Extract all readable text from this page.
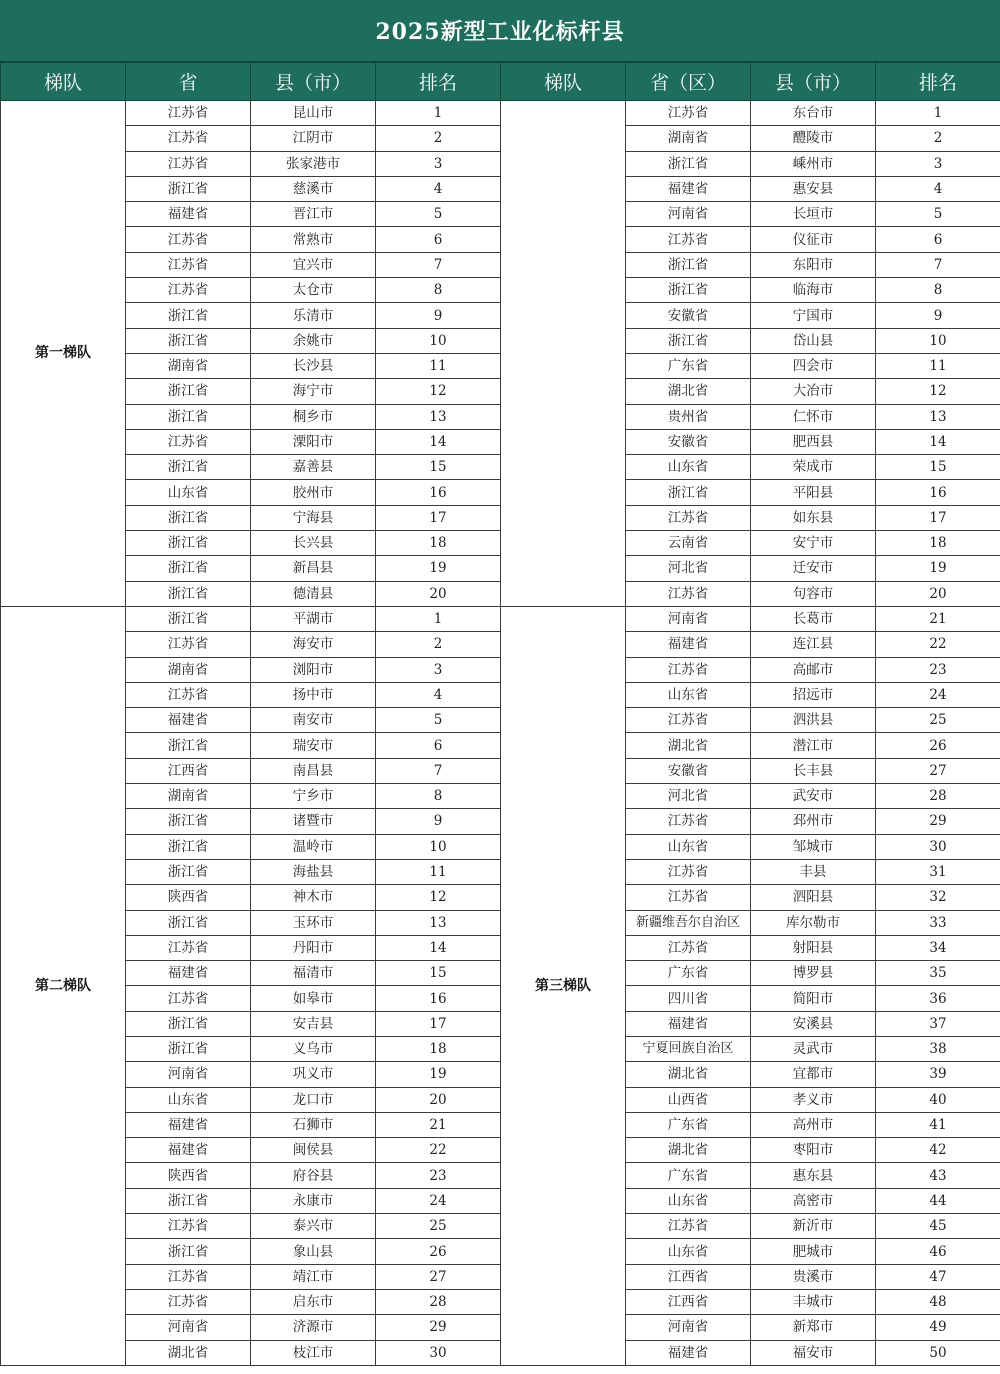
2025新型工业化标杆县
梯队	省	县（市）	排名	梯队	省（区）	县（市）	排名
第一梯队	江苏省	昆山市	1		江苏省	东台市	1
	江苏省	江阴市	2		湖南省	醴陵市	2
	江苏省	张家港市	3		浙江省	嵊州市	3
	浙江省	慈溪市	4		福建省	惠安县	4
	福建省	晋江市	5		河南省	长垣市	5
	江苏省	常熟市	6		江苏省	仪征市	6
	江苏省	宜兴市	7		浙江省	东阳市	7
	江苏省	太仓市	8		浙江省	临海市	8
	浙江省	乐清市	9		安徽省	宁国市	9
	浙江省	余姚市	10		浙江省	岱山县	10
	湖南省	长沙县	11		广东省	四会市	11
	浙江省	海宁市	12		湖北省	大冶市	12
	浙江省	桐乡市	13		贵州省	仁怀市	13
	江苏省	溧阳市	14		安徽省	肥西县	14
	浙江省	嘉善县	15		山东省	荣成市	15
	山东省	胶州市	16		浙江省	平阳县	16
	浙江省	宁海县	17		江苏省	如东县	17
	浙江省	长兴县	18		云南省	安宁市	18
	浙江省	新昌县	19		河北省	迁安市	19
	浙江省	德清县	20		江苏省	句容市	20
第二梯队	浙江省	平湖市	1	第三梯队	河南省	长葛市	21
	江苏省	海安市	2		福建省	连江县	22
	湖南省	浏阳市	3		江苏省	高邮市	23
	江苏省	扬中市	4		山东省	招远市	24
	福建省	南安市	5		江苏省	泗洪县	25
	浙江省	瑞安市	6		湖北省	潜江市	26
	江西省	南昌县	7		安徽省	长丰县	27
	湖南省	宁乡市	8		河北省	武安市	28
	浙江省	诸暨市	9		江苏省	邳州市	29
	浙江省	温岭市	10		山东省	邹城市	30
	浙江省	海盐县	11		江苏省	丰县	31
	陕西省	神木市	12		江苏省	泗阳县	32
	浙江省	玉环市	13		新疆维吾尔自治区	库尔勒市	33
	江苏省	丹阳市	14		江苏省	射阳县	34
	福建省	福清市	15		广东省	博罗县	35
	江苏省	如皋市	16		四川省	简阳市	36
	浙江省	安吉县	17		福建省	安溪县	37
	浙江省	义乌市	18		宁夏回族自治区	灵武市	38
	河南省	巩义市	19		湖北省	宜都市	39
	山东省	龙口市	20		山西省	孝义市	40
	福建省	石狮市	21		广东省	高州市	41
	福建省	闽侯县	22		湖北省	枣阳市	42
	陕西省	府谷县	23		广东省	惠东县	43
	浙江省	永康市	24		山东省	高密市	44
	江苏省	泰兴市	25		江苏省	新沂市	45
	浙江省	象山县	26		山东省	肥城市	46
	江苏省	靖江市	27		江西省	贵溪市	47
	江苏省	启东市	28		江西省	丰城市	48
	河南省	济源市	29		河南省	新郑市	49
	湖北省	枝江市	30		福建省	福安市	50
